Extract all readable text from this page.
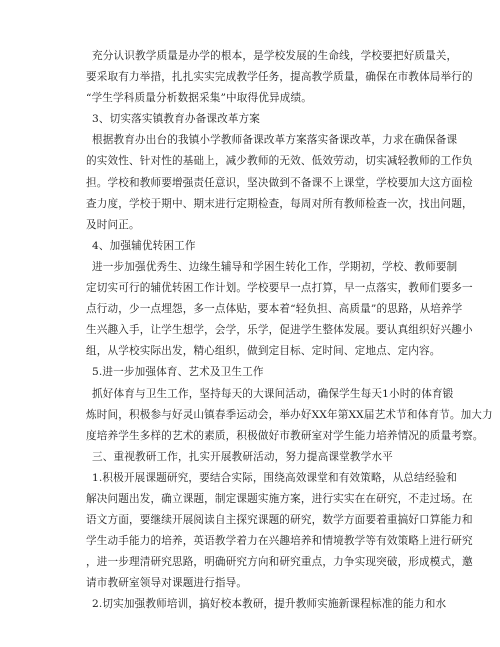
充分认识教学质量是办学的根本，是学校发展的生命线，学校要把好质量关，
要采取有力举措，扎扎实实完成教学任务，提高教学质量，确保在市教体局举行的
“学生学科质量分析数据采集”中取得优异成绩。
3、切实落实镇教育办备课改革方案
根据教育办出台的我镇小学教师备课改革方案落实备课改革，力求在确保备课
的实效性、针对性的基础上，减少教师的无效、低效劳动，切实减轻教师的工作负
担。学校和教师要增强责任意识，坚决做到不备课不上课堂，学校要加大这方面检
查力度，学校于期中、期末进行定期检查，每周对所有教师检查一次，找出问题，
及时问正。
4、加强辅优转困工作
进一步加强优秀生、边缘生辅导和学困生转化工作，学期初，学校、教师要制
定切实可行的辅优转困工作计划。学校要早一点打算，早一点落实，教师们要多一
点行动，少一点埋怨，多一点体贴，要本着“轻负担、高质量”的思路，从培养学
生兴趣入手，让学生想学，会学，乐学，促进学生整体发展。要认真组织好兴趣小
组，从学校实际出发，精心组织，做到定目标、定时间、定地点、定内容。
5.进一步加强体育、艺术及卫生工作
抓好体育与卫生工作，坚持每天的大课间活动，确保学生每天1小时的体育锻
炼时间，积极参与好灵山镇春季运动会，举办好XX年第XX届艺术节和体育节。加大力
度培养学生多样的艺术的素质，积极做好市教研室对学生能力培养情况的质量考察。
三、重视教研工作，扎实开展教研活动，努力提高课堂教学水平
1.积极开展课题研究，要结合实际，围绕高效课堂和有效策略，从总结经验和
解决问题出发，确立课题，制定课题实施方案，进行实实在在研究，不走过场。在
语文方面，要继续开展阅读自主探究课题的研究，数学方面要着重搞好口算能力和
学生动手能力的培养，英语教学着力在兴趣培养和情境教学等有效策略上进行研究
，进一步理清研究思路，明确研究方向和研究重点，力争实现突破，形成模式，邀
请市教研室领导对课题进行指导。
2.切实加强教师培训，搞好校本教研，提升教师实施新课程标准的能力和水
